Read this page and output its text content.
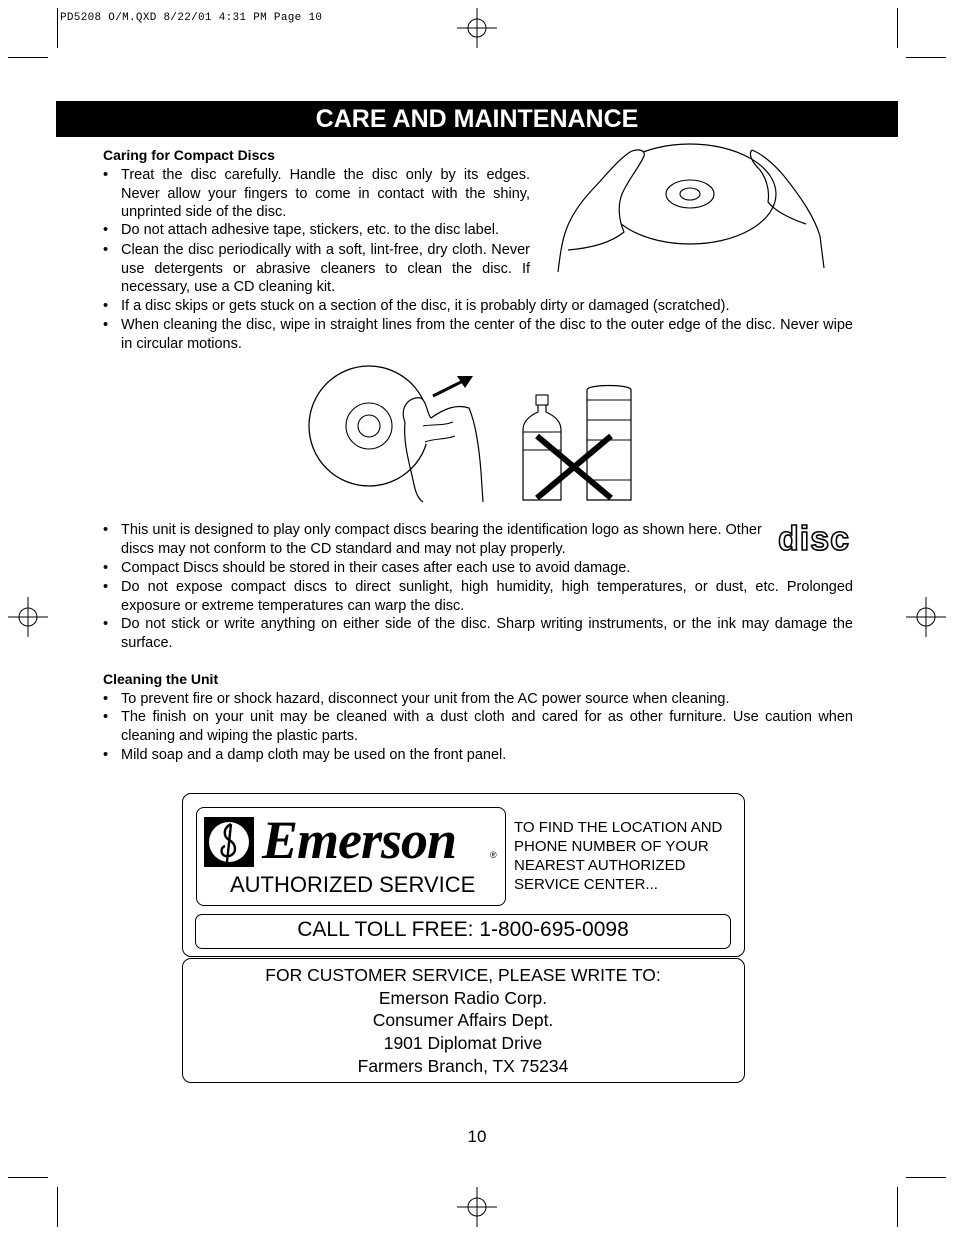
PD5208 O/M.QXD 8/22/01 4:31 PM Page 10
CARE AND MAINTENANCE
Caring for Compact Discs
• Treat the disc carefully. Handle the disc only by its edges. Never allow your fingers to come in contact with the shiny, unprinted side of the disc.
• Do not attach adhesive tape, stickers, etc. to the disc label.
• Clean the disc periodically with a soft, lint-free, dry cloth. Never use detergents or abrasive cleaners to clean the disc. If necessary, use a CD cleaning kit.
• If a disc skips or gets stuck on a section of the disc, it is probably dirty or damaged (scratched).
• When cleaning the disc, wipe in straight lines from the center of the disc to the outer edge of the disc. Never wipe in circular motions.
• This unit is designed to play only compact discs bearing the identification logo as shown here. Other discs may not conform to the CD standard and may not play properly.	disc
• Compact Discs should be stored in their cases after each use to avoid damage.
• Do not expose compact discs to direct sunlight, high humidity, high temperatures, or dust, etc. Prolonged exposure or extreme temperatures can warp the disc.
• Do not stick or write anything on either side of the disc. Sharp writing instruments, or the ink may damage the surface.
Cleaning the Unit
• To prevent fire or shock hazard, disconnect your unit from the AC power source when cleaning.
• The finish on your unit may be cleaned with a dust cloth and cared for as other furniture. Use caution when cleaning and wiping the plastic parts.
• Mild soap and a damp cloth may be used on the front panel.
Emerson	®
AUTHORIZED SERVICE
TO FIND THE LOCATION AND
PHONE NUMBER OF YOUR
NEAREST AUTHORIZED
SERVICE CENTER...
CALL TOLL FREE: 1-800-695-0098
FOR CUSTOMER SERVICE, PLEASE WRITE TO:
Emerson Radio Corp.
Consumer Affairs Dept.
1901 Diplomat Drive
Farmers Branch, TX 75234
10
